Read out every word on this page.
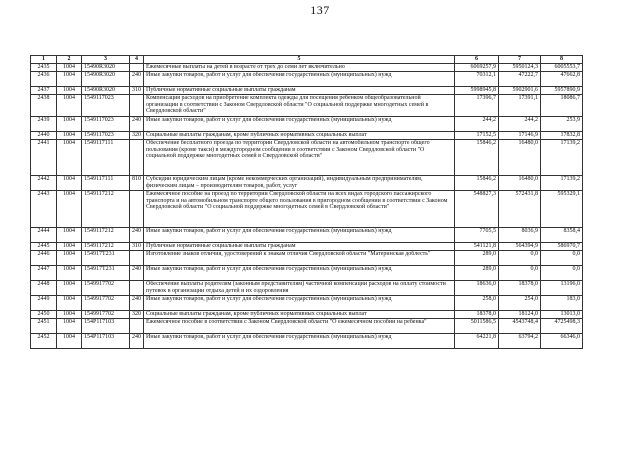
137
1	2	3	4	5	6	7	8
2435	1004	15490R3020		Ежемесячные выплаты на детей в возрасте от трех до семи лет включительно	6069257,9	5950124,3	6005553,7
2436	1004	15490R3020	240	Иные закупки товаров, работ и услуг для обеспечения государственных (муниципальных) нужд	70312,1	47222,7	47662,8
2437	1004	15490R3020	310	Публичные нормативные социальные выплаты гражданам	5998945,8	5902901,6	5957890,9
2438	1004	1549117023		Компенсация расходов на приобретение комплекта одежды для посещения ребенком общеобразовательной организации в соответствии с Законом Свердловской области "О социальной поддержке многодетных семей в Свердловской области"	17396,7	17391,1	18086,7
2439	1004	1549117023	240	Иные закупки товаров, работ и услуг для обеспечения государственных (муниципальных) нужд	244,2	244,2	253,9
2440	1004	1549117023	320	Социальные выплаты гражданам, кроме публичных нормативных социальных выплат	17152,5	17146,9	17832,8
2441	1004	1549117111		Обеспечение бесплатного проезда по территории Свердловской области на автомобильном транспорте общего пользования (кроме такси) в междугородном сообщении в соответствии с Законом Свердловской области "О социальной поддержке многодетных семей в Свердловской области"	15846,2	16480,0	17139,2
2442	1004	1549117111	810	Субсидии юридическим лицам (кроме некоммерческих организаций), индивидуальным предпринимателям, физическим лицам – производителям товаров, работ, услуг	15846,2	16480,0	17139,2
2443	1004	1549117212		Ежемесячное пособие на проезд по территории Свердловской области на всех видах городского пассажирского транспорта и на автомобильном транспорте общего пользования в пригородном сообщении в соответствии с Законом Свердловской области "О социальной поддержке многодетных семей в Свердловской области"	548827,3	572431,8	595329,1
2444	1004	1549117212	240	Иные закупки товаров, работ и услуг для обеспечения государственных (муниципальных) нужд	7705,5	8036,9	8358,4
2445	1004	1549117212	310	Публичные нормативные социальные выплаты гражданам	541121,8	564394,9	586970,7
2446	1004	154917T231		Изготовление знаков отличия, удостоверений к знакам отличия Свердловской области "Материнская доблесть"	289,0	0,0	0,0
2447	1004	154917T231	240	Иные закупки товаров, работ и услуг для обеспечения государственных (муниципальных) нужд	289,0	0,0	0,0
2448	1004	1549917702		Обеспечение выплаты родителям (законным представителям) частичной компенсации расходов на оплату стоимости путевок в организации отдыха детей и их оздоровления	18636,0	18378,0	13196,0
2449	1004	1549917702	240	Иные закупки товаров, работ и услуг для обеспечения государственных (муниципальных) нужд	258,0	254,0	183,0
2450	1004	1549917702	320	Социальные выплаты гражданам, кроме публичных нормативных социальных выплат	18378,0	18124,0	13013,0
2451	1004	154P117103		Ежемесячное пособие в соответствии с Законом Свердловской области "О ежемесячном пособии на ребенка"	5011586,5	4543748,4	4725498,3
2452	1004	154P117103	240	Иные закупки товаров, работ и услуг для обеспечения государственных (муниципальных) нужд	64221,8	63794,2	66346,0
